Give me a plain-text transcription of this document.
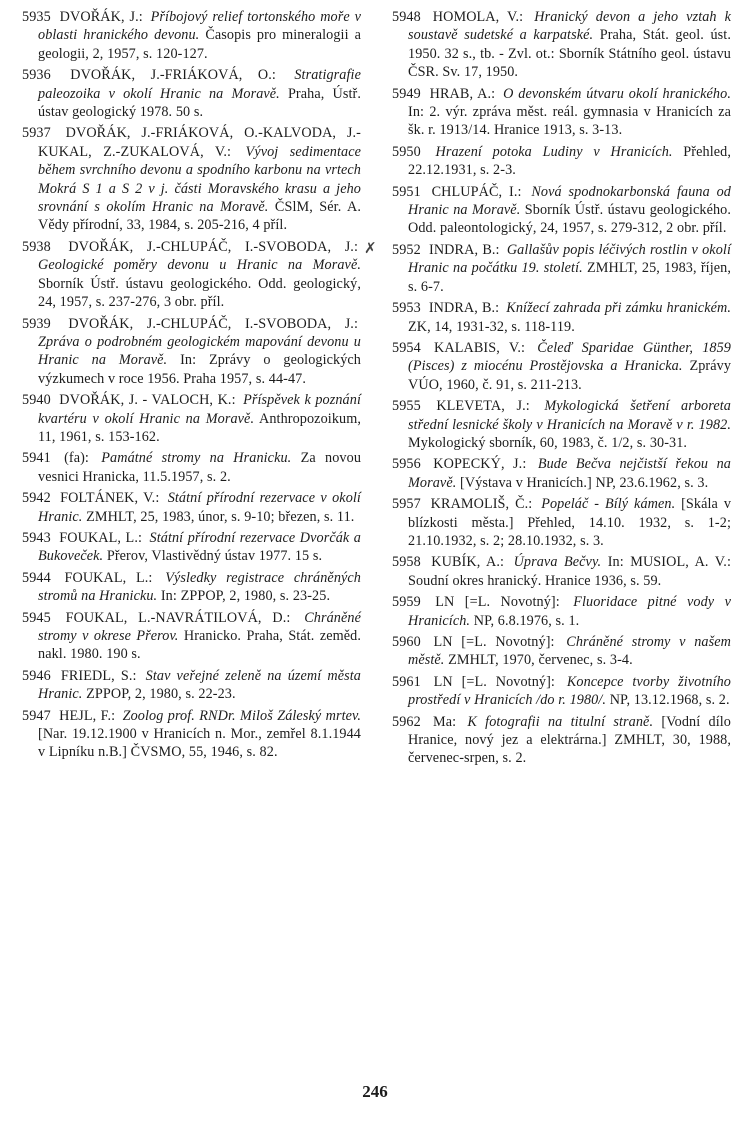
5935 DVOŘÁK, J.: Příbojový relief tortonského moře v oblasti hranického devonu. Časopis pro mineralogii a geologii, 2, 1957, s. 120-127.
5936 DVOŘÁK, J.-FRIÁKOVÁ, O.: Stratigrafie paleozoika v okolí Hranic na Moravě. Praha, Ústř. ústav geologický 1978. 50 s.
5937 DVOŘÁK, J.-FRIÁKOVÁ, O.-KALVODA, J.-KUKAL, Z.-ZUKALOVÁ, V.: Vývoj sedimentace během svrchního devonu a spodního karbonu na vrtech Mokrá S 1 a S 2 v j. části Moravského krasu a jeho srovnání s okolím Hranic na Moravě. ČSlM, Sér. A. Vědy přírodní, 33, 1984, s. 205-216, 4 příl.
5938 DVOŘÁK, J.-CHLUPÁČ, I.-SVOBODA, J.: Geologické poměry devonu u Hranic na Moravě. Sborník Ústř. ústavu geologického. Odd. geologický, 24, 1957, s. 237-276, 3 obr. příl.
5939 DVOŘÁK, J.-CHLUPÁČ, I.-SVOBODA, J.: Zpráva o podrobném geologickém mapování devonu u Hranic na Moravě. In: Zprávy o geologických výzkumech v roce 1956. Praha 1957, s. 44-47.
5940 DVOŘÁK, J. - VALOCH, K.: Příspěvek k poznání kvartéru v okolí Hranic na Moravě. Anthropozoikum, 11, 1961, s. 153-162.
5941 (fa): Památné stromy na Hranicku. Za novou vesnici Hranicka, 11.5.1957, s. 2.
5942 FOLTÁNEK, V.: Státní přírodní rezervace v okolí Hranic. ZMHLT, 25, 1983, únor, s. 9-10; březen, s. 11.
5943 FOUKAL, L.: Státní přírodní rezervace Dvorčák a Bukoveček. Přerov, Vlastivědný ústav 1977. 15 s.
5944 FOUKAL, L.: Výsledky registrace chráněných stromů na Hranicku. In: ZPPOP, 2, 1980, s. 23-25.
5945 FOUKAL, L.-NAVRÁTILOVÁ, D.: Chráněné stromy v okrese Přerov. Hranicko. Praha, Stát. zeměd. nakl. 1980. 190 s.
5946 FRIEDL, S.: Stav veřejné zeleně na území města Hranic. ZPPOP, 2, 1980, s. 22-23.
5947 HEJL, F.: Zoolog prof. RNDr. Miloš Záleský mrtev. [Nar. 19.12.1900 v Hranicích n. Mor., zemřel 8.1.1944 v Lipníku n.B.] ČVSMO, 55, 1946, s. 82.
5948 HOMOLA, V.: Hranický devon a jeho vztah k soustavě sudetské a karpatské. Praha, Stát. geol. úst. 1950. 32 s., tb. - Zvl. ot.: Sborník Státního geol. ústavu ČSR. Sv. 17, 1950.
5949 HRAB, A.: O devonském útvaru okolí hranického. In: 2. výr. zpráva měst. reál. gymnasia v Hranicích za šk. r. 1913/14. Hranice 1913, s. 3-13.
5950 Hrazení potoka Ludiny v Hranicích. Přehled, 22.12.1931, s. 2-3.
5951 CHLUPÁČ, I.: Nová spodnokarbonská fauna od Hranic na Moravě. Sborník Ústř. ústavu geologického. Odd. paleontologický, 24, 1957, s. 279-312, 2 obr. příl.
✗ 5952 INDRA, B.: Gallašův popis léčivých rostlin v okolí Hranic na počátku 19. století. ZMHLT, 25, 1983, říjen, s. 6-7.
5953 INDRA, B.: Knížecí zahrada při zámku hranickém. ZK, 14, 1931-32, s. 118-119.
5954 KALABIS, V.: Čeleď Sparidae Günther, 1859 (Pisces) z miocénu Prostějovska a Hranicka. Zprávy VÚO, 1960, č. 91, s. 211-213.
5955 KLEVETA, J.: Mykologická šetření arboreta střední lesnické školy v Hranicích na Moravě v r. 1982. Mykologický sborník, 60, 1983, č. 1/2, s. 30-31.
5956 KOPECKÝ, J.: Bude Bečva nejčistší řekou na Moravě. [Výstava v Hranicích.] NP, 23.6.1962, s. 3.
5957 KRAMOLIŠ, Č.: Popeláč - Bílý kámen. [Skála v blízkosti města.] Přehled, 14.10. 1932, s. 1-2; 21.10.1932, s. 2; 28.10.1932, s. 3.
5958 KUBÍK, A.: Úprava Bečvy. In: MUSIOL, A. V.: Soudní okres hranický. Hranice 1936, s. 59.
5959 LN [=L. Novotný]: Fluoridace pitné vody v Hranicích. NP, 6.8.1976, s. 1.
5960 LN [=L. Novotný]: Chráněné stromy v našem městě. ZMHLT, 1970, červenec, s. 3-4.
5961 LN [=L. Novotný]: Koncepce tvorby životního prostředí v Hranicích /do r. 1980/. NP, 13.12.1968, s. 2.
5962 Ma: K fotografii na titulní straně. [Vodní dílo Hranice, nový jez a elektrárna.] ZMHLT, 30, 1988, červenec-srpen, s. 2.
246
